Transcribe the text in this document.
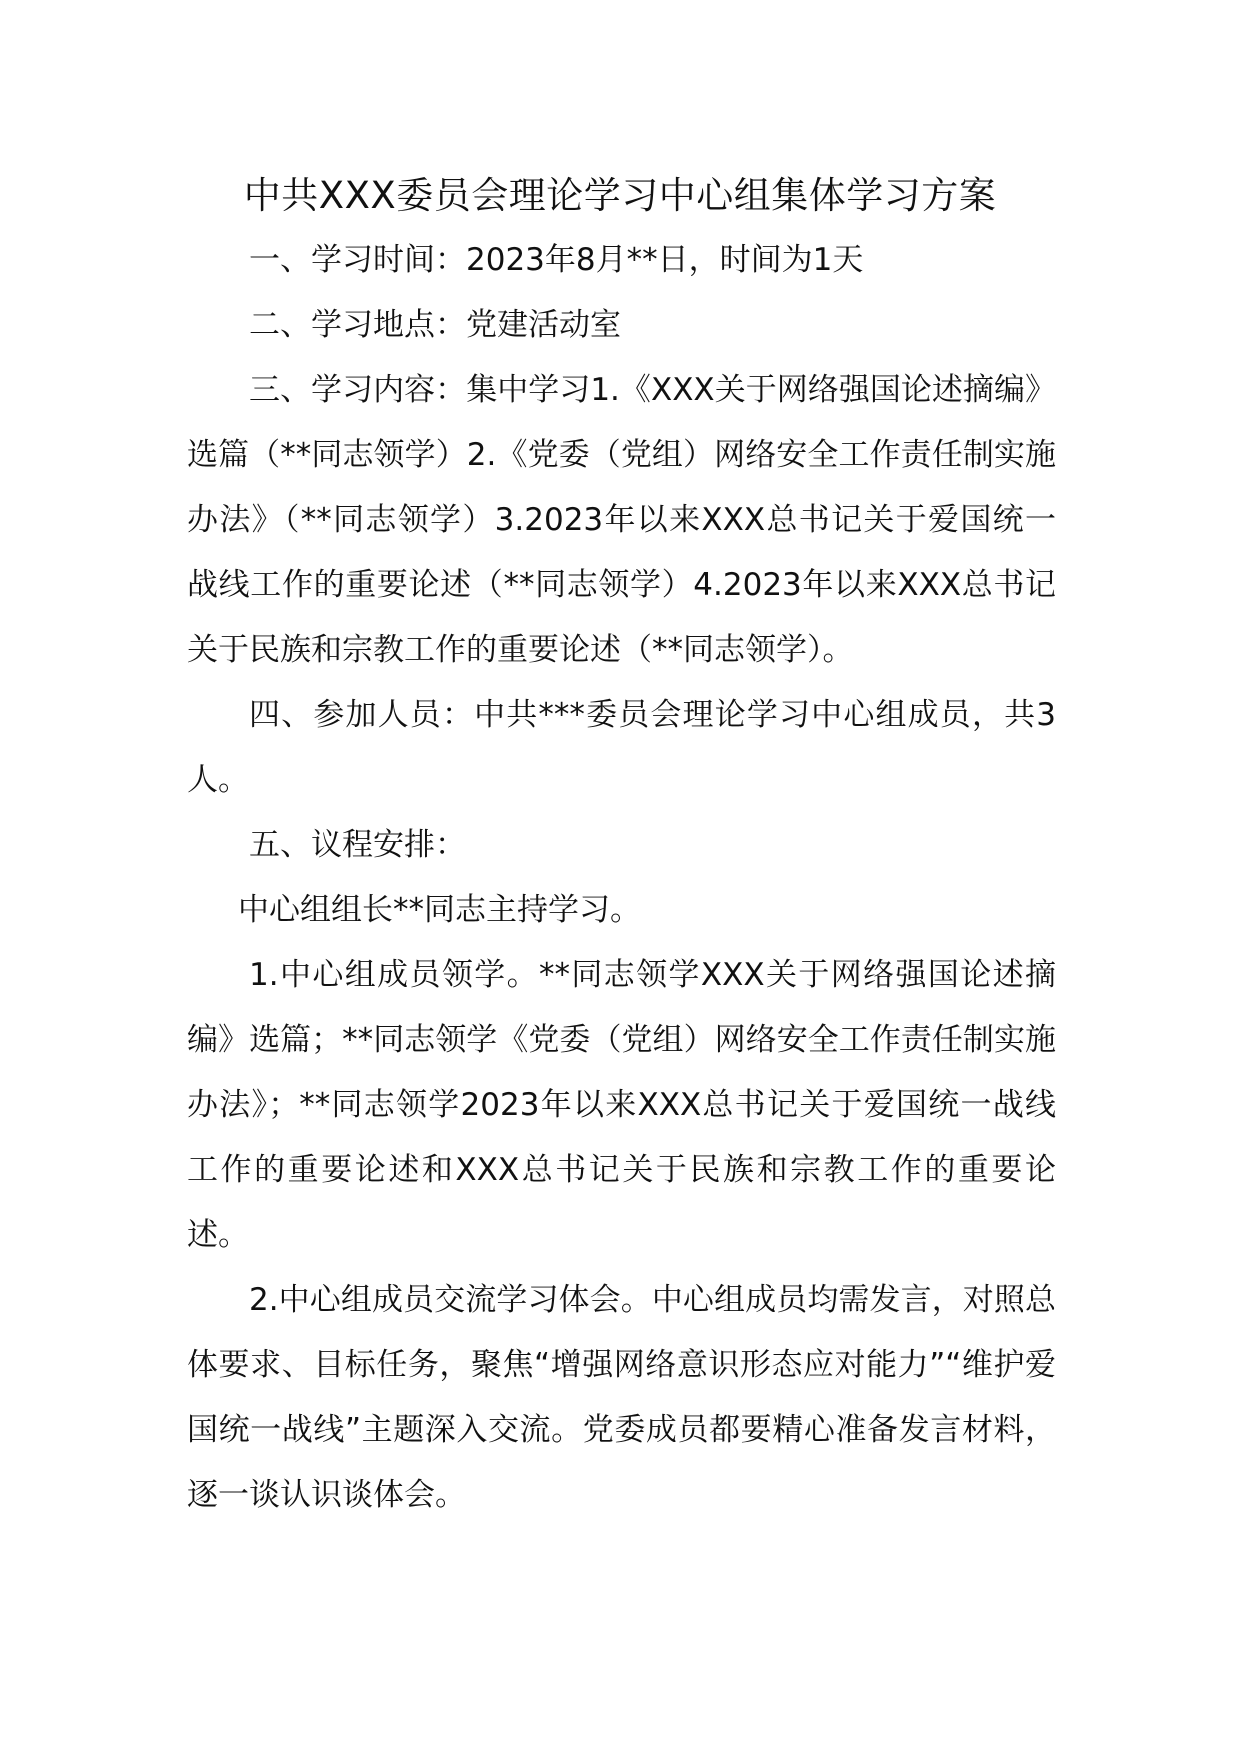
中共XXX委员会理论学习中心组集体学习方案

一、学习时间：2023年8月**日，时间为1天

二、学习地点：党建活动室

三、学习内容：集中学习1.《XXX关于网络强国论述摘编》选篇（**同志领学）2.《党委（党组）网络安全工作责任制实施办法》（**同志领学）3.2023年以来XXX总书记关于爱国统一战线工作的重要论述（**同志领学）4.2023年以来XXX总书记关于民族和宗教工作的重要论述（**同志领学）。

四、参加人员：中共***委员会理论学习中心组成员，共3人。

五、议程安排：

中心组组长**同志主持学习。

1.中心组成员领学。**同志领学XXX关于网络强国论述摘编》选篇；**同志领学《党委（党组）网络安全工作责任制实施办法》；**同志领学2023年以来XXX总书记关于爱国统一战线工作的重要论述和XXX总书记关于民族和宗教工作的重要论述。

2.中心组成员交流学习体会。中心组成员均需发言，对照总体要求、目标任务，聚焦“增强网络意识形态应对能力”“维护爱国统一战线”主题深入交流。党委成员都要精心准备发言材料，逐一谈认识谈体会。
